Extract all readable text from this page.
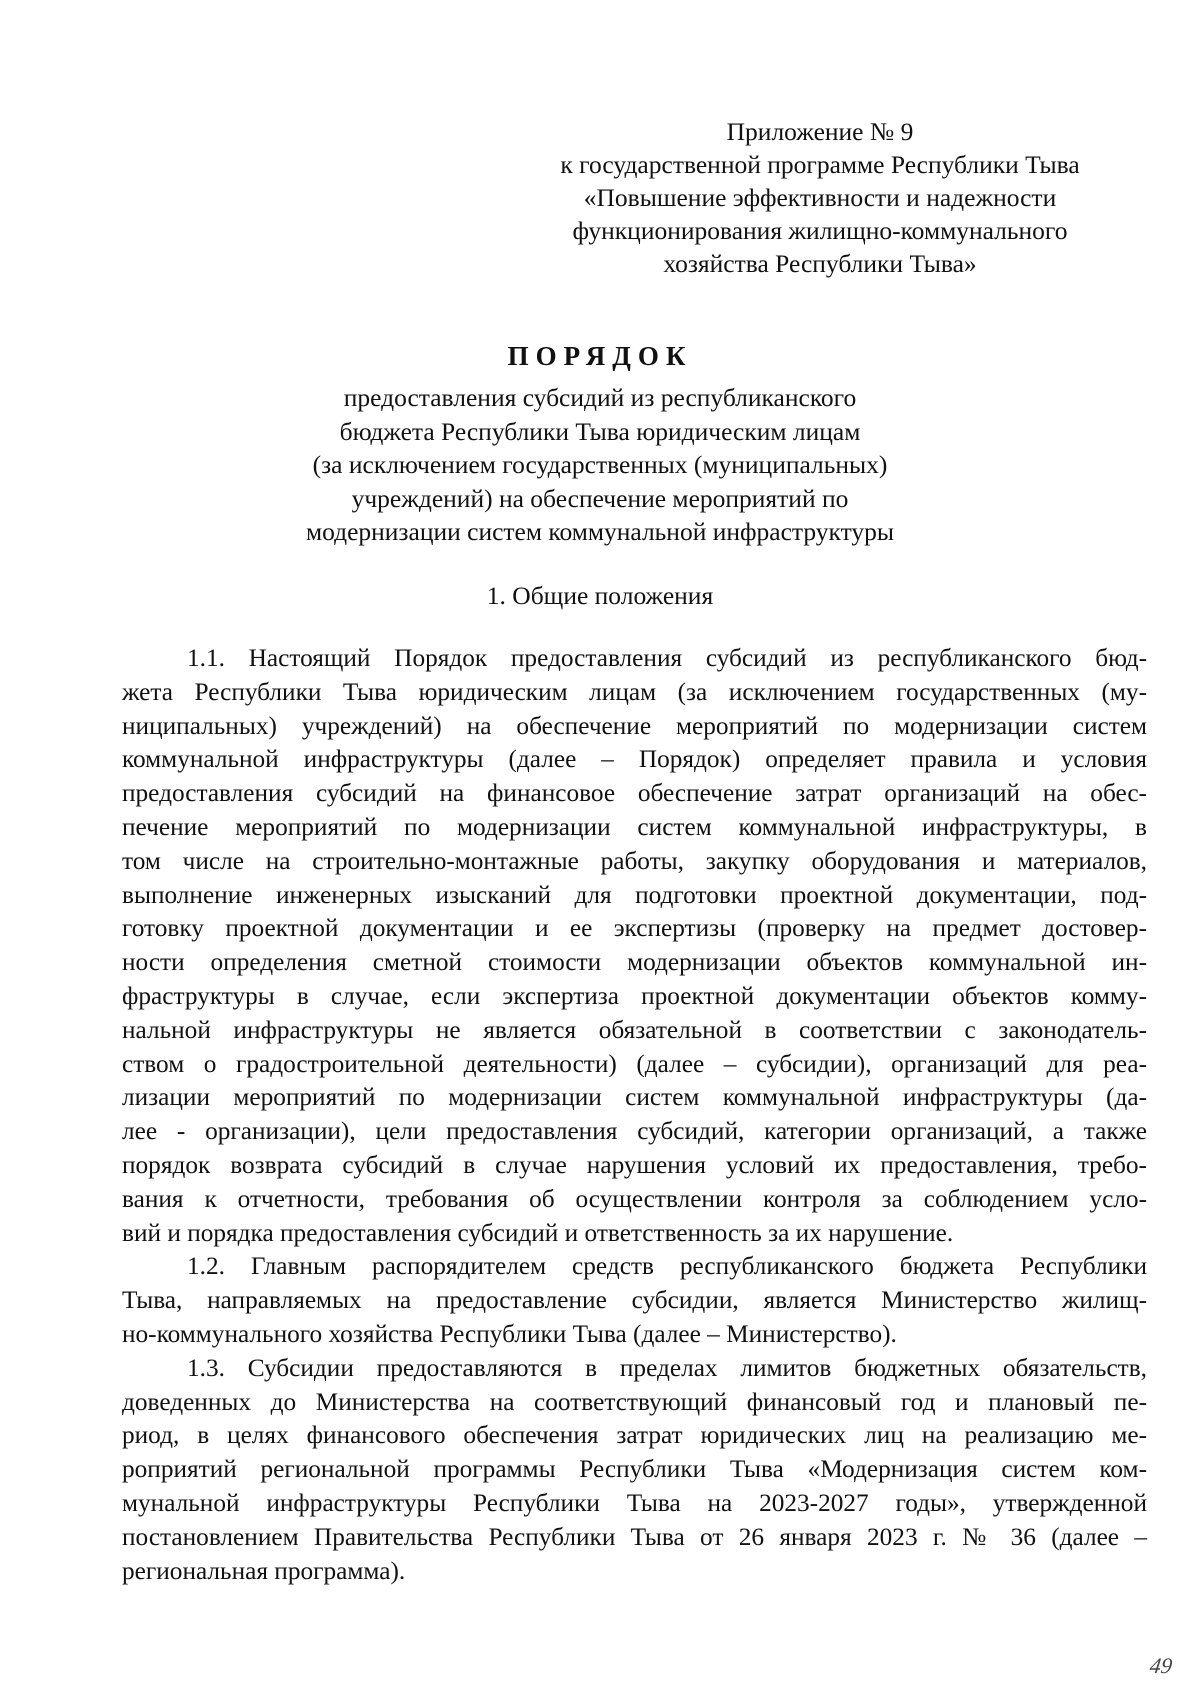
Приложение № 9
к государственной программе Республики Тыва
«Повышение эффективности и надежности
функционирования жилищно-коммунального
хозяйства Республики Тыва»
ПОРЯДОК
предоставления субсидий из республиканского
бюджета Республики Тыва юридическим лицам
(за исключением государственных (муниципальных)
учреждений) на обеспечение мероприятий по
модернизации систем коммунальной инфраструктуры
1. Общие положения
1.1. Настоящий Порядок предоставления субсидий из республиканского бюд-
жета Республики Тыва юридическим лицам (за исключением государственных (му-
ниципальных) учреждений) на обеспечение мероприятий по модернизации систем
коммунальной инфраструктуры (далее – Порядок) определяет правила и условия
предоставления субсидий на финансовое обеспечение затрат организаций на обес-
печение мероприятий по модернизации систем коммунальной инфраструктуры, в
том числе на строительно-монтажные работы, закупку оборудования и материалов,
выполнение инженерных изысканий для подготовки проектной документации, под-
готовку проектной документации и ее экспертизы (проверку на предмет достовер-
ности определения сметной стоимости модернизации объектов коммунальной ин-
фраструктуры в случае, если экспертиза проектной документации объектов комму-
нальной инфраструктуры не является обязательной в соответствии с законодатель-
ством о градостроительной деятельности) (далее – субсидии), организаций для реа-
лизации мероприятий по модернизации систем коммунальной инфраструктуры (да-
лее - организации), цели предоставления субсидий, категории организаций, а также
порядок возврата субсидий в случае нарушения условий их предоставления, требо-
вания к отчетности, требования об осуществлении контроля за соблюдением усло-
вий и порядка предоставления субсидий и ответственность за их нарушение.
1.2. Главным распорядителем средств республиканского бюджета Республики
Тыва, направляемых на предоставление субсидии, является Министерство жилищ-
но-коммунального хозяйства Республики Тыва (далее – Министерство).
1.3. Субсидии предоставляются в пределах лимитов бюджетных обязательств,
доведенных до Министерства на соответствующий финансовый год и плановый пе-
риод, в целях финансового обеспечения затрат юридических лиц на реализацию ме-
роприятий региональной программы Республики Тыва «Модернизация систем ком-
мунальной инфраструктуры Республики Тыва на 2023-2027 годы», утвержденной
постановлением Правительства Республики Тыва от 26 января 2023 г. № 36 (далее –
региональная программа).
49
